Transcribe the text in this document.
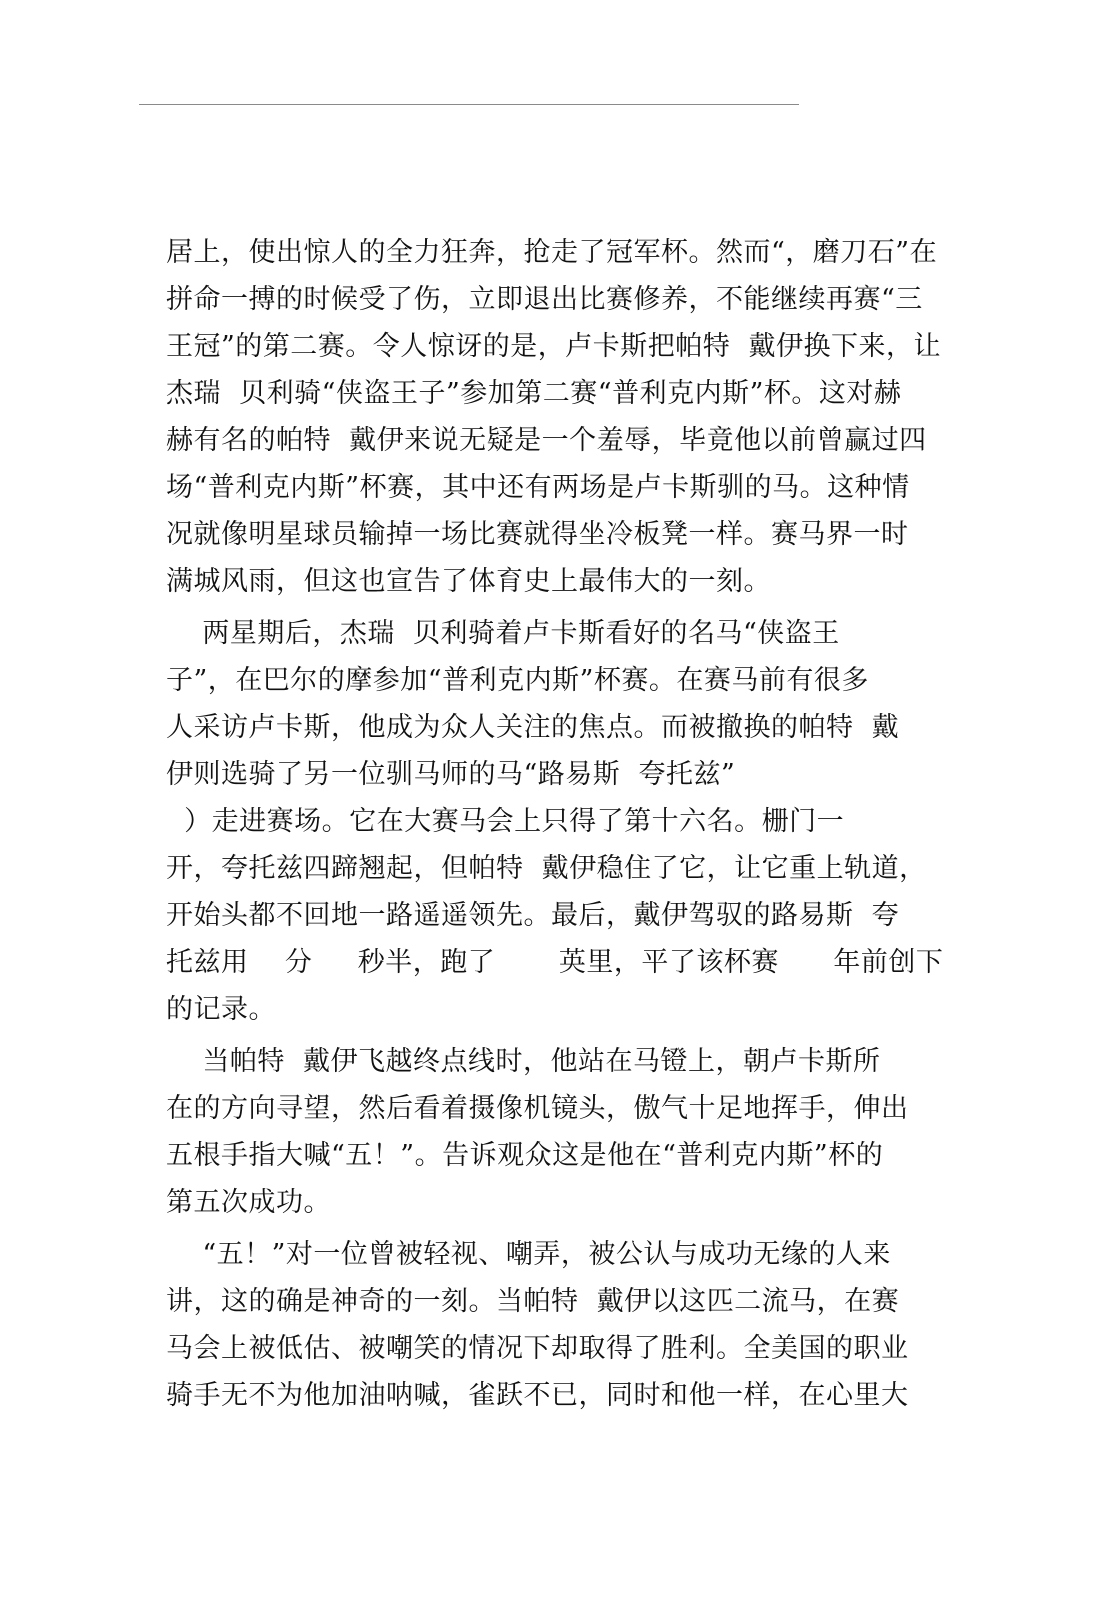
居上，使出惊人的全力狂奔，抢走了冠军杯。然而“，磨刀石”在
拼命一搏的时候受了伤，立即退出比赛修养，不能继续再赛“三
王冠”的第二赛。令人惊讶的是，卢卡斯把帕特  戴伊换下来，让
杰瑞  贝利骑“侠盗王子”参加第二赛“普利克内斯”杯。这对赫
赫有名的帕特  戴伊来说无疑是一个羞辱，毕竟他以前曾赢过四
场“普利克内斯”杯赛，其中还有两场是卢卡斯驯的马。这种情
况就像明星球员输掉一场比赛就得坐冷板凳一样。赛马界一时
满城风雨，但这也宣告了体育史上最伟大的一刻。
两星期后，杰瑞  贝利骑着卢卡斯看好的名马“侠盗王
子”，在巴尔的摩参加“普利克内斯”杯赛。在赛马前有很多
人采访卢卡斯，他成为众人关注的焦点。而被撤换的帕特  戴
伊则选骑了另一位驯马师的马“路易斯  夸托兹”
）走进赛场。它在大赛马会上只得了第十六名。栅门一
开，夸托兹四蹄翘起，但帕特  戴伊稳住了它，让它重上轨道，
开始头都不回地一路遥遥领先。最后，戴伊驾驭的路易斯  夸
托兹用    分     秒半，跑了       英里，平了该杯赛      年前创下
的记录。
当帕特  戴伊飞越终点线时，他站在马镫上，朝卢卡斯所
在的方向寻望，然后看着摄像机镜头，傲气十足地挥手，伸出
五根手指大喊“五！”。告诉观众这是他在“普利克内斯”杯的
第五次成功。
“五！”对一位曾被轻视、嘲弄，被公认与成功无缘的人来
讲，这的确是神奇的一刻。当帕特  戴伊以这匹二流马，在赛
马会上被低估、被嘲笑的情况下却取得了胜利。全美国的职业
骑手无不为他加油呐喊，雀跃不已，同时和他一样，在心里大
